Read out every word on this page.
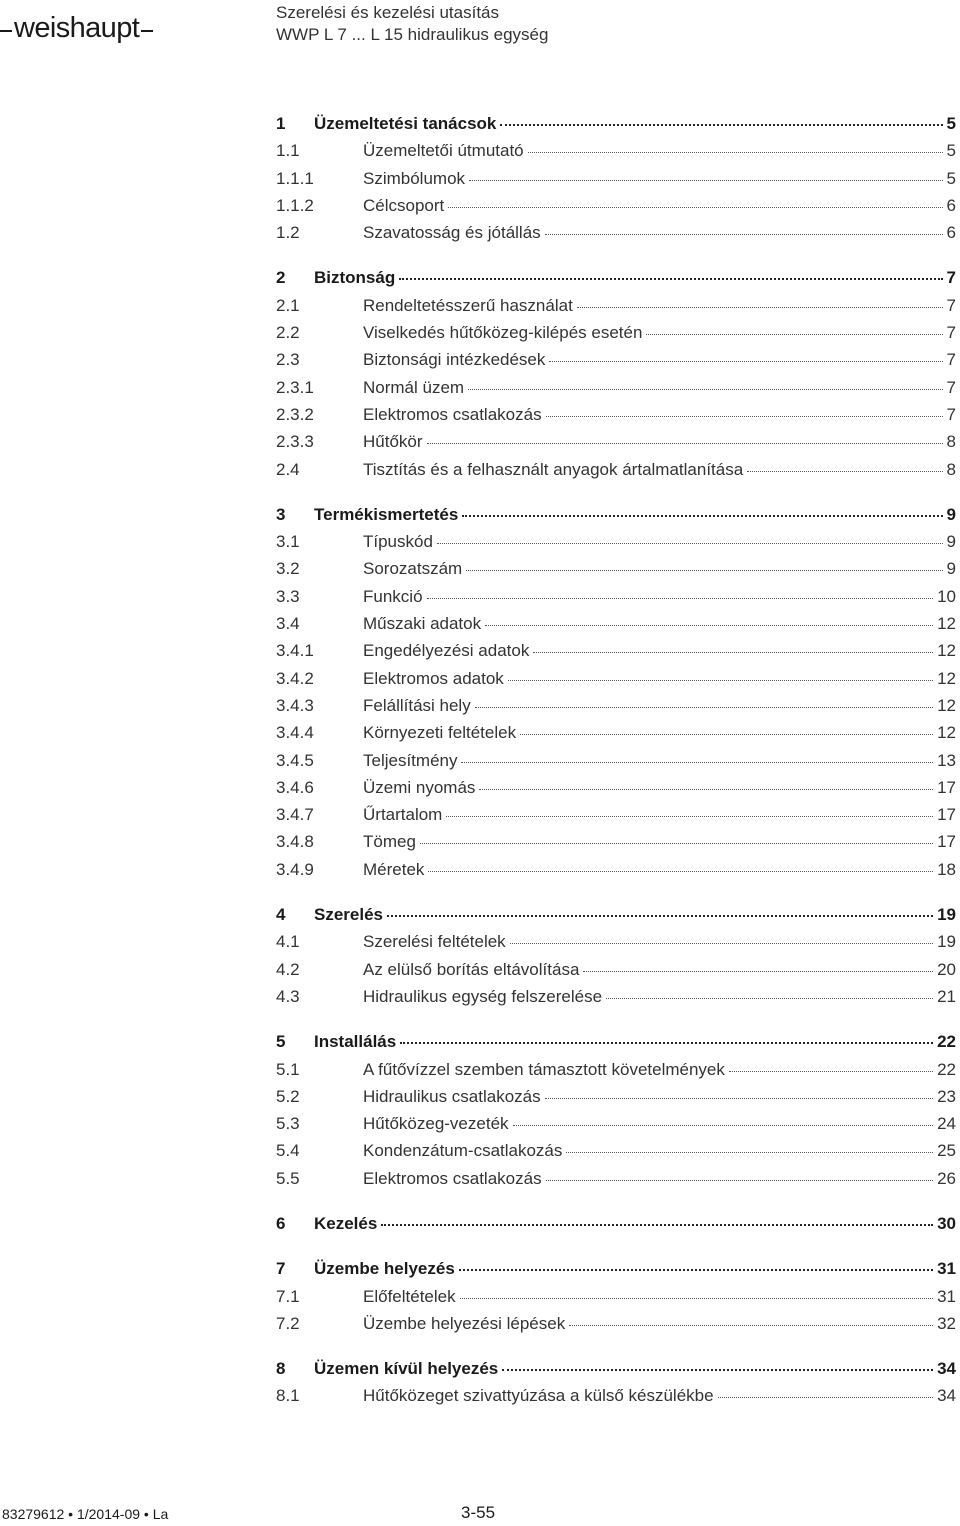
weishaupt	Szerelési és kezelési utasítás
WWP L 7 ... L 15 hidraulikus egység
1	Üzemeltetési tanácsok	5
1.1	Üzemeltetői útmutató	5
1.1.1	Szimbólumok	5
1.1.2	Célcsoport	6
1.2	Szavatosság és jótállás	6
2	Biztonság	7
2.1	Rendeltetésszerű használat	7
2.2	Viselkedés hűtőközeg-kilépés esetén	7
2.3	Biztonsági intézkedések	7
2.3.1	Normál üzem	7
2.3.2	Elektromos csatlakozás	7
2.3.3	Hűtőkör	8
2.4	Tisztítás és a felhasznált anyagok ártalmatlanítása	8
3	Termékismertetés	9
3.1	Típuskód	9
3.2	Sorozatszám	9
3.3	Funkció	10
3.4	Műszaki adatok	12
3.4.1	Engedélyezési adatok	12
3.4.2	Elektromos adatok	12
3.4.3	Felállítási hely	12
3.4.4	Környezeti feltételek	12
3.4.5	Teljesítmény	13
3.4.6	Üzemi nyomás	17
3.4.7	Űrtartalom	17
3.4.8	Tömeg	17
3.4.9	Méretek	18
4	Szerelés	19
4.1	Szerelési feltételek	19
4.2	Az elülső borítás eltávolítása	20
4.3	Hidraulikus egység felszerelése	21
5	Installálás	22
5.1	A fűtővízzel szemben támasztott követelmények	22
5.2	Hidraulikus csatlakozás	23
5.3	Hűtőközeg-vezeték	24
5.4	Kondenzátum-csatlakozás	25
5.5	Elektromos csatlakozás	26
6	Kezelés	30
7	Üzembe helyezés	31
7.1	Előfeltételek	31
7.2	Üzembe helyezési lépések	32
8	Üzemen kívül helyezés	34
8.1	Hűtőközeget szivattyúzása a külső készülékbe	34
83279612 • 1/2014-09 • La	3-55
